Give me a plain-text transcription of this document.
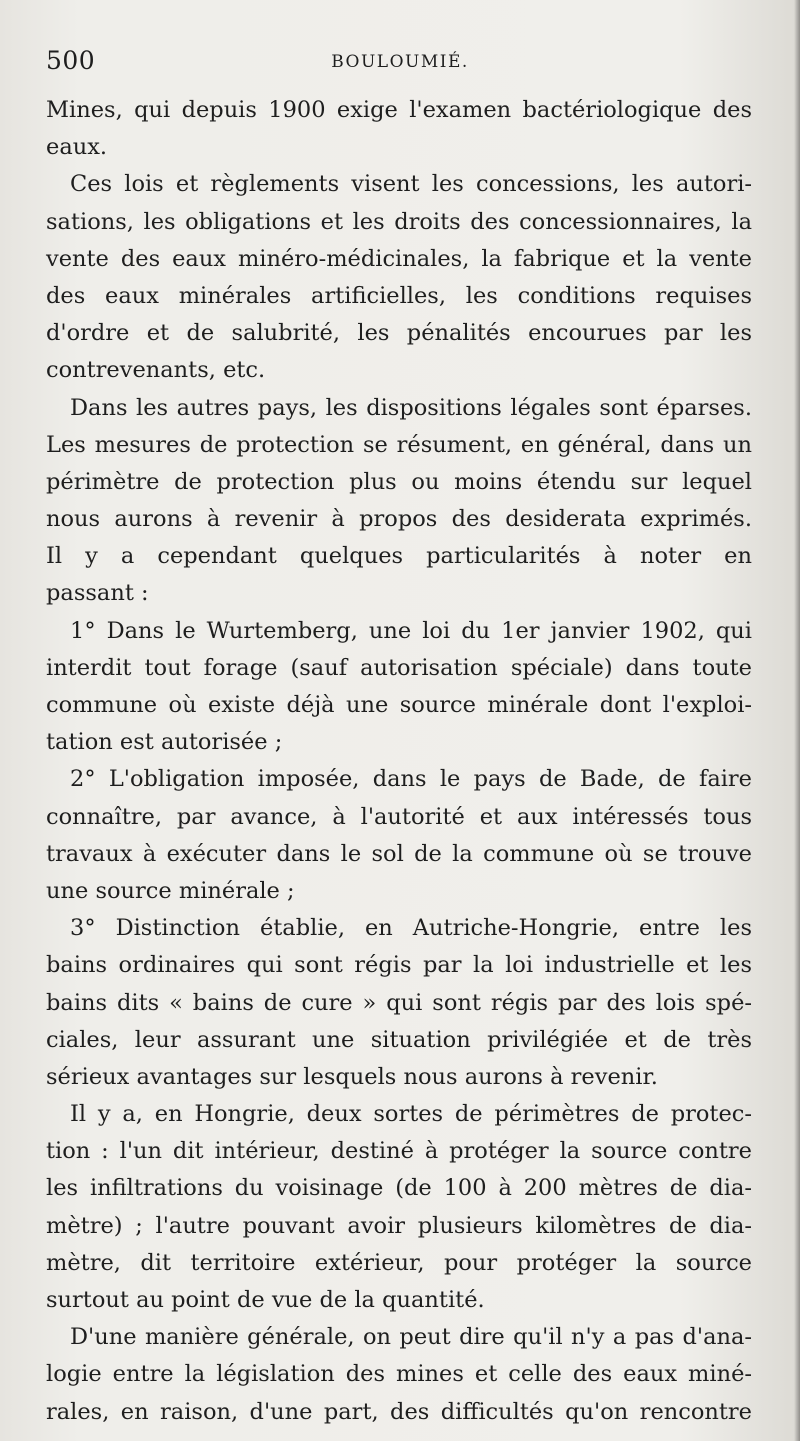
500	BOULOUMIÉ.
Mines, qui depuis 1900 exige l'examen bactériologique des
eaux.
Ces lois et règlements visent les concessions, les autori-
sations, les obligations et les droits des concessionnaires, la
vente des eaux minéro-médicinales, la fabrique et la vente
des eaux minérales artificielles, les conditions requises
d'ordre et de salubrité, les pénalités encourues par les
contrevenants, etc.
Dans les autres pays, les dispositions légales sont éparses.
Les mesures de protection se résument, en général, dans un
périmètre de protection plus ou moins étendu sur lequel
nous aurons à revenir à propos des desiderata exprimés.
Il y a cependant quelques particularités à noter en
passant :
1° Dans le Wurtemberg, une loi du 1er janvier 1902, qui
interdit tout forage (sauf autorisation spéciale) dans toute
commune où existe déjà une source minérale dont l'exploi-
tation est autorisée ;
2° L'obligation imposée, dans le pays de Bade, de faire
connaître, par avance, à l'autorité et aux intéressés tous
travaux à exécuter dans le sol de la commune où se trouve
une source minérale ;
3° Distinction établie, en Autriche-Hongrie, entre les
bains ordinaires qui sont régis par la loi industrielle et les
bains dits « bains de cure » qui sont régis par des lois spé-
ciales, leur assurant une situation privilégiée et de très
sérieux avantages sur lesquels nous aurons à revenir.
Il y a, en Hongrie, deux sortes de périmètres de protec-
tion : l'un dit intérieur, destiné à protéger la source contre
les infiltrations du voisinage (de 100 à 200 mètres de dia-
mètre) ; l'autre pouvant avoir plusieurs kilomètres de dia-
mètre, dit territoire extérieur, pour protéger la source
surtout au point de vue de la quantité.
D'une manière générale, on peut dire qu'il n'y a pas d'ana-
logie entre la législation des mines et celle des eaux miné-
rales, en raison, d'une part, des difficultés qu'on rencontre
